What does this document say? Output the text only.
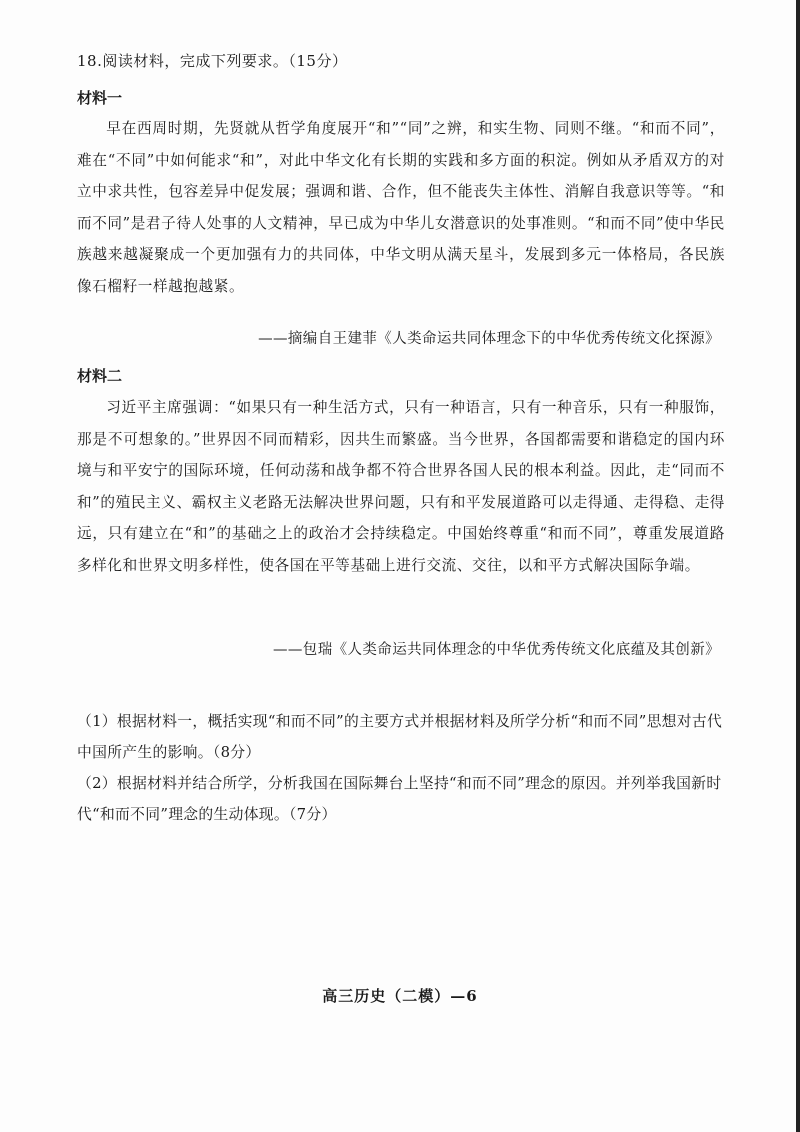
18.阅读材料，完成下列要求。（15分）
材料一

早在西周时期，先贤就从哲学角度展开“和”“同”之辨，和实生物、同则不继。“和而不同”，难在“不同”中如何能求“和”，对此中华文化有长期的实践和多方面的积淀。例如从矛盾双方的对立中求共性，包容差异中促发展；强调和谐、合作，但不能丧失主体性、消解自我意识等等。“和而不同”是君子待人处事的人文精神，早已成为中华儿女潜意识的处事准则。“和而不同”使中华民族越来越凝聚成一个更加强有力的共同体，中华文明从满天星斗，发展到多元一体格局，各民族像石榴籽一样越抱越紧。

——摘编自王建菲《人类命运共同体理念下的中华优秀传统文化探源》
材料二

习近平主席强调：“如果只有一种生活方式，只有一种语言，只有一种音乐，只有一种服饰，那是不可想象的。”世界因不同而精彩，因共生而繁盛。当今世界，各国都需要和谐稳定的国内环境与和平安宁的国际环境，任何动荡和战争都不符合世界各国人民的根本利益。因此，走“同而不和”的殖民主义、霸权主义老路无法解决世界问题，只有和平发展道路可以走得通、走得稳、走得远，只有建立在“和”的基础之上的政治才会持续稳定。中国始终尊重“和而不同”，尊重发展道路多样化和世界文明多样性，使各国在平等基础上进行交流、交往，以和平方式解决国际争端。

——包瑞《人类命运共同体理念的中华优秀传统文化底蕴及其创新》

（1）根据材料一，概括实现“和而不同”的主要方式并根据材料及所学分析“和而不同”思想对古代中国所产生的影响。（8分）

（2）根据材料并结合所学，分析我国在国际舞台上坚持“和而不同”理念的原因。并列举我国新时代“和而不同”理念的生动体现。（7分）

高三历史（二模）—6
